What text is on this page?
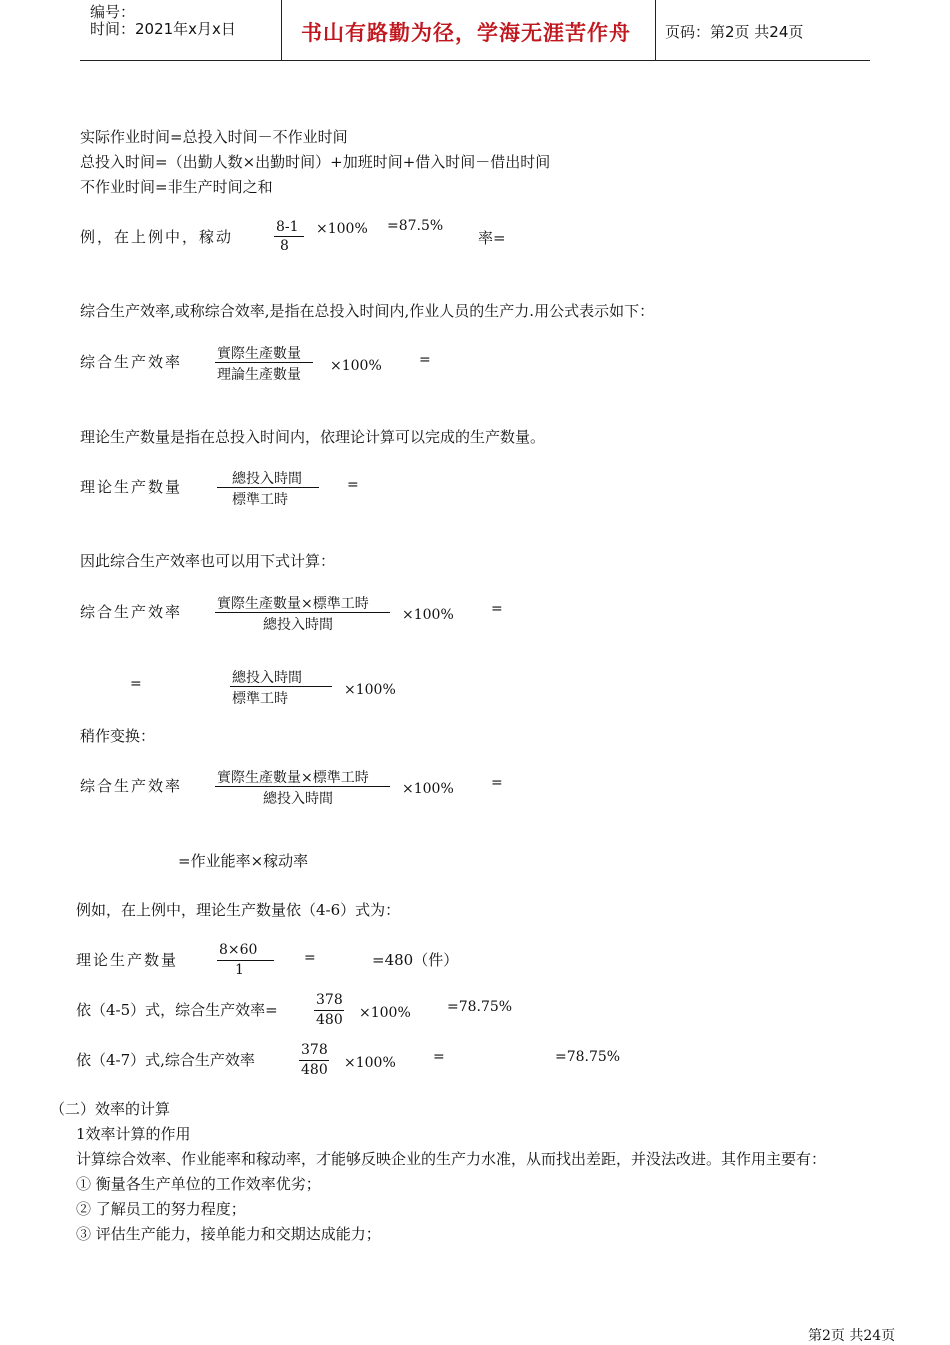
编号：
时间：2021年x月x日	书山有路勤为径，学海无涯苦作舟 页码：第2页 共24页
实际作业时间=总投入时间－不作业时间
总投入时间=（出勤人数×出勤时间）+加班时间+借入时间－借出时间
不作业时间=非生产时间之和
例，在上例中，稼动
8-1
8
×100% =87.5%
率=
综合生产效率,或称综合效率,是指在总投入时间内,作业人员的生产力.用公式表示如下：
综合生产效率 實際生產數量
理論生產數量
×100%	=
理论生产数量是指在总投入时间内，依理论计算可以完成的生产数量。
理论生产数量	總投入時間
標準工時
=
因此综合生产效率也可以用下式计算：
综合生产效率 實際生產數量×標準工時
總投入時間
×100%	=
=	總投入時間
標準工時
×100%
稍作变换：
综合生产效率 實際生產數量×標準工時
總投入時間
×100%	=
=作业能率×稼动率
例如，在上例中，理论生产数量依（4-6）式为：
理论生产数量
8×60
1
=	=480（件）
依（4-5）式，综合生产效率=
378
480 ×100%	=78.75%
依（4-7）式,综合生产效率
378
480 ×100%	=	=78.75%
（二）效率的计算
1效率计算的作用
计算综合效率、作业能率和稼动率，才能够反映企业的生产力水准，从而找出差距，并没法改进。其作用主要有：
① 衡量各生产单位的工作效率优劣；
② 了解员工的努力程度；
③ 评估生产能力，接单能力和交期达成能力；
第2页 共24页
